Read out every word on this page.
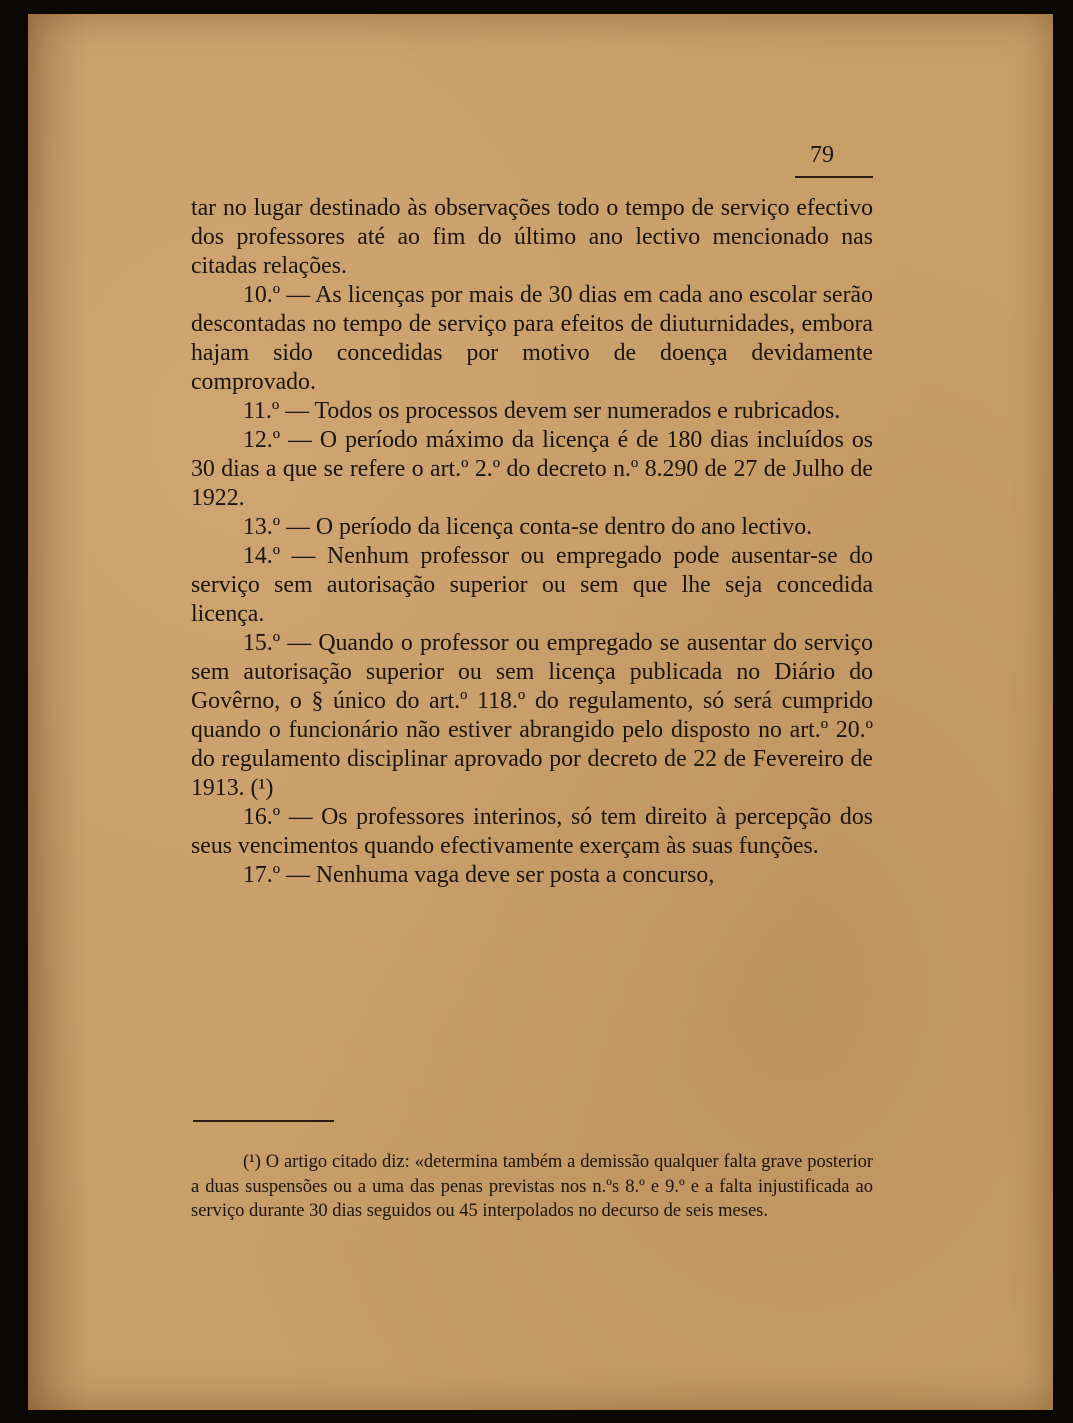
79

tar no lugar destinado às observações todo o tempo de serviço efectivo dos professores até ao fim do último ano lectivo mencionado nas citadas relações.

10.º — As licenças por mais de 30 dias em cada ano escolar serão descontadas no tempo de serviço para efeitos de diuturnidades, embora hajam sido concedidas por motivo de doença devidamente comprovado.

11.º — Todos os processos devem ser numerados e rubricados.

12.º — O período máximo da licença é de 180 dias incluídos os 30 dias a que se refere o art.º 2.º do decreto n.º 8.290 de 27 de Julho de 1922.

13.º — O período da licença conta-se dentro do ano lectivo.

14.º — Nenhum professor ou empregado pode ausentar-se do serviço sem autorisação superior ou sem que lhe seja concedida licença.

15.º — Quando o professor ou empregado se ausentar do serviço sem autorisação superior ou sem licença publicada no Diário do Govêrno, o § único do art.º 118.º do regulamento, só será cumprido quando o funcionário não estiver abrangido pelo disposto no art.º 20.º do regulamento disciplinar aprovado por decreto de 22 de Fevereiro de 1913. (¹)

16.º — Os professores interinos, só tem direito à percepção dos seus vencimentos quando efectivamente exerçam às suas funções.

17.º — Nenhuma vaga deve ser posta a concurso,

(¹) O artigo citado diz: «determina também a demissão qualquer falta grave posterior a duas suspensões ou a uma das penas previstas nos n.ºs 8.º e 9.º e a falta injustificada ao serviço durante 30 dias seguidos ou 45 interpolados no decurso de seis meses.
